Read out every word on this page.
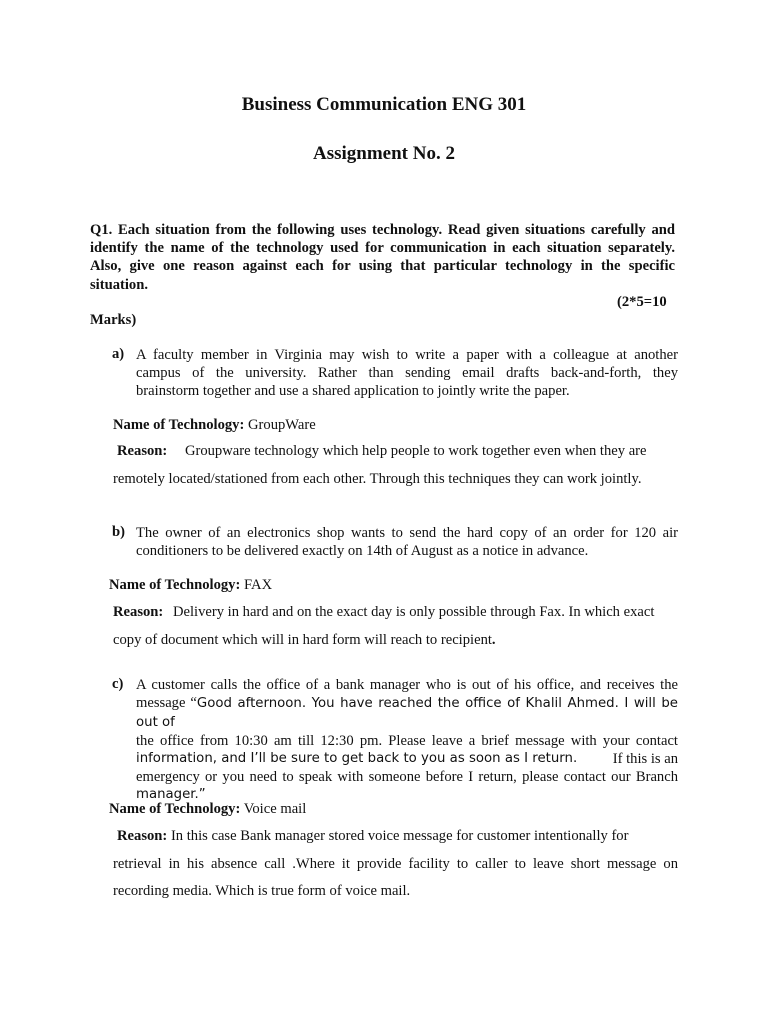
Business Communication ENG 301
Assignment No. 2
Q1. Each situation from the following uses technology. Read given situations carefully and
identify the name of the technology used for communication in each situation separately.
Also, give one reason against each for using that particular technology in the specific
situation.
(2*5=10
Marks)
a) A faculty member in Virginia may wish to write a paper with a colleague at another
campus of the university. Rather than sending email drafts back-and-forth, they
brainstorm together and use a shared application to jointly write the paper.
Name of Technology: GroupWare
Reason: Groupware technology which help people to work together even when they are
remotely located/stationed from each other. Through this techniques they can work jointly.
b) The owner of an electronics shop wants to send the hard copy of an order for 120 air
conditioners to be delivered exactly on 14th of August as a notice in advance.
Name of Technology: FAX
Reason: Delivery in hard and on the exact day is only possible through Fax. In which exact
copy of document which will in hard form will reach to recipient.
c) A customer calls the office of a bank manager who is out of his office, and receives the
message “Good afternoon. You have reached the office of Khalil Ahmed. I will be out of
the office from 10:30 am till 12:30 pm. Please leave a brief message with your contact
information, and I’ll be sure to get back to you as soon as I return. If this is an
emergency or you need to speak with someone before I return, please contact our Branch
manager.”
Name of Technology: Voice mail
Reason: In this case Bank manager stored voice message for customer intentionally for
retrieval in his absence call .Where it provide facility to caller to leave short message on
recording media. Which is true form of voice mail.
